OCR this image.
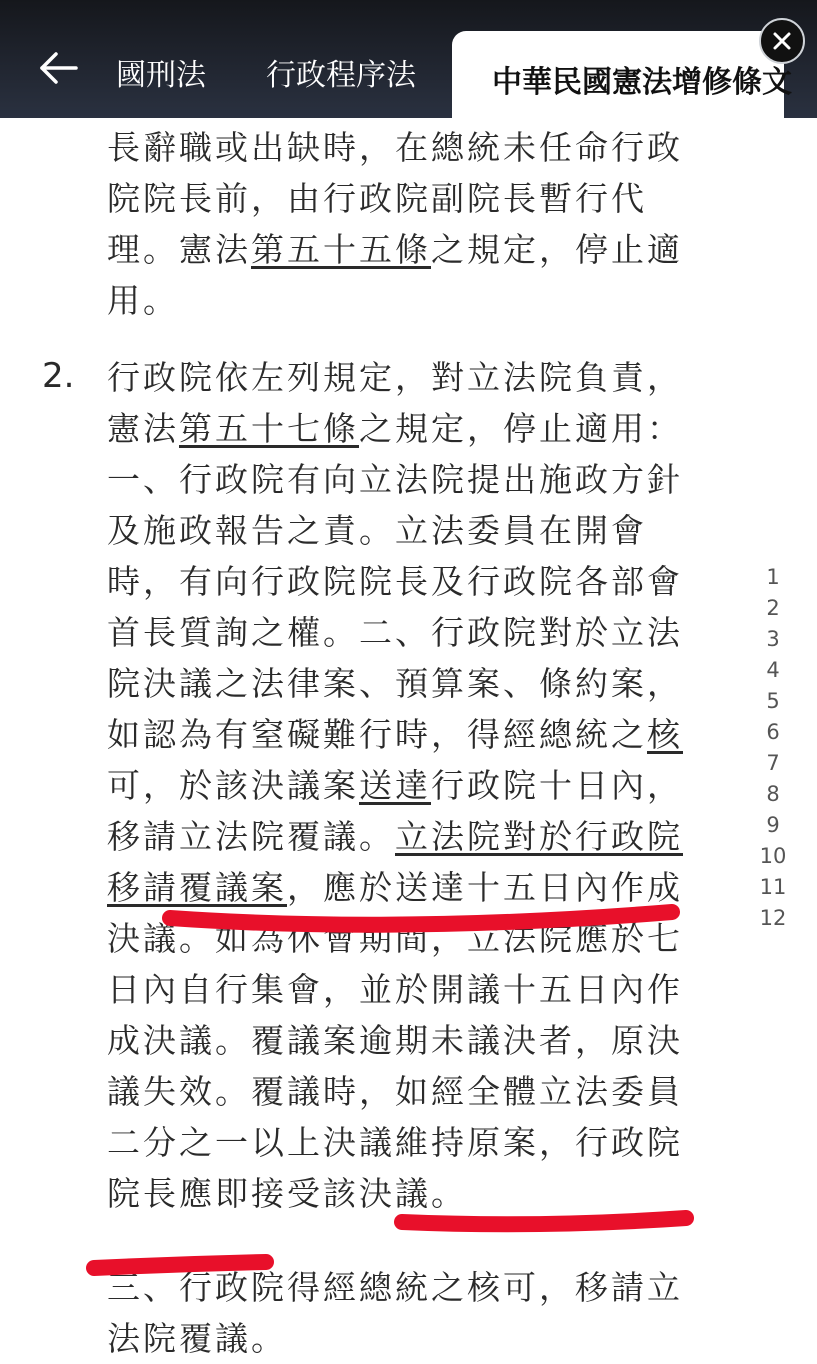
國刑法 行政程序法	中華民國憲法增修條文
長辭職或出缺時，在總統未任命行政院院長前，由行政院副院長暫行代理。憲法第五十五條之規定，停止適用。
2. 行政院依左列規定，對立法院負責，憲法第五十七條之規定，停止適用：一、行政院有向立法院提出施政方針及施政報告之責。立法委員在開會時，有向行政院院長及行政院各部會首長質詢之權。二、行政院對於立法院決議之法律案、預算案、條約案，如認為有窒礙難行時，得經總統之核可，於該決議案送達行政院十日內，移請立法院覆議。立法院對於行政院移請覆議案，應於送達十五日內作成決議。如為休會期間，立法院應於七日內自行集會，並於開議十五日內作成決議。覆議案逾期未議決者，原決議失效。覆議時，如經全體立法委員二分之一以上決議維持原案，行政院院長應即接受該決議。
三、行政院得經總統之核可，移請立法院覆議。
1
2
3
4
5
6
7
8
9
10
11
12
